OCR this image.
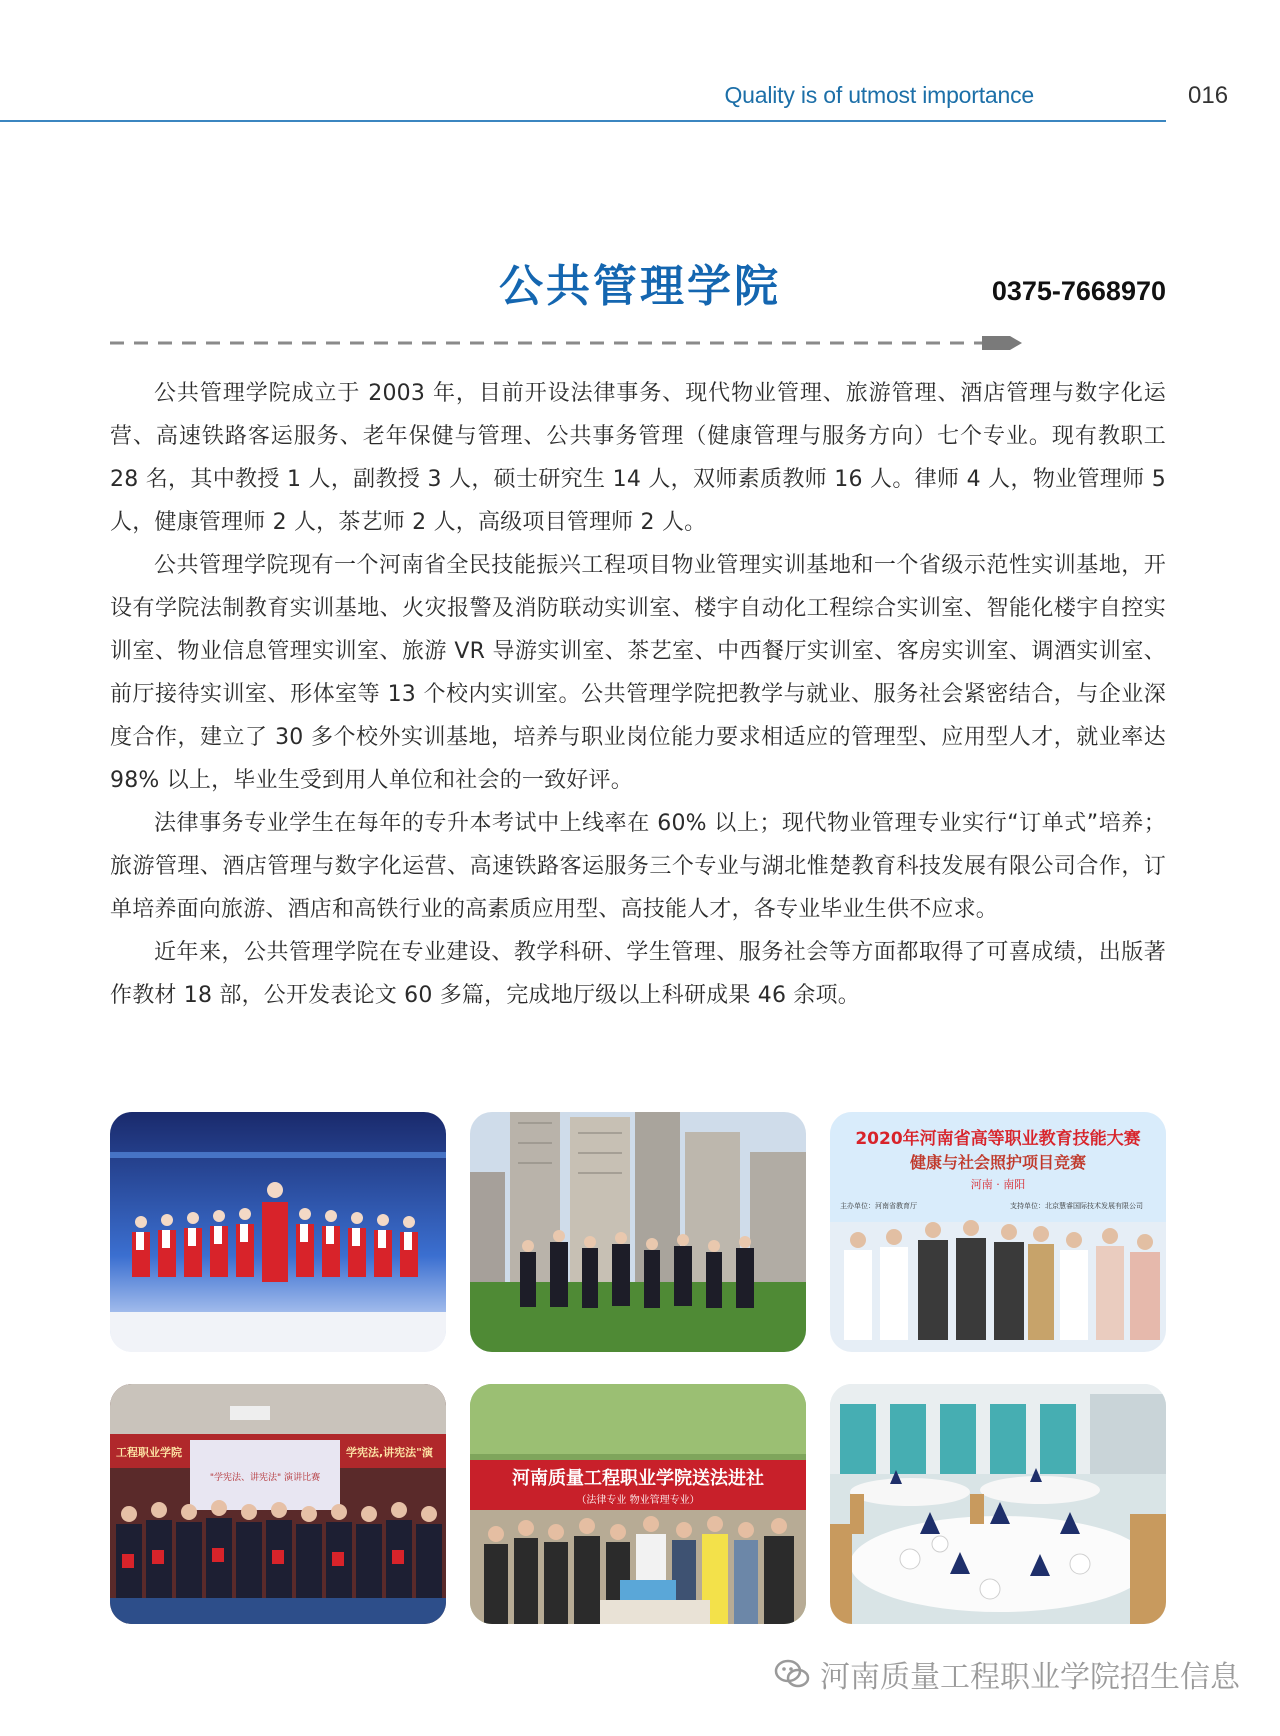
Quality is of utmost importance	016
公共管理学院	0375-7668970

公共管理学院成立于 2003 年，目前开设法律事务、现代物业管理、旅游管理、酒店管理与数字化运营、高速铁路客运服务、老年保健与管理、公共事务管理（健康管理与服务方向）七个专业。现有教职工 28 名，其中教授 1 人，副教授 3 人，硕士研究生 14 人，双师素质教师 16 人。律师 4 人，物业管理师 5 人，健康管理师 2 人，茶艺师 2 人，高级项目管理师 2 人。

公共管理学院现有一个河南省全民技能振兴工程项目物业管理实训基地和一个省级示范性实训基地，开设有学院法制教育实训基地、火灾报警及消防联动实训室、楼宇自动化工程综合实训室、智能化楼宇自控实训室、物业信息管理实训室、旅游 VR 导游实训室、茶艺室、中西餐厅实训室、客房实训室、调酒实训室、前厅接待实训室、形体室等 13 个校内实训室。公共管理学院把教学与就业、服务社会紧密结合，与企业深度合作，建立了 30 多个校外实训基地，培养与职业岗位能力要求相适应的管理型、应用型人才，就业率达 98% 以上，毕业生受到用人单位和社会的一致好评。

法律事务专业学生在每年的专升本考试中上线率在 60% 以上；现代物业管理专业实行“订单式”培养；旅游管理、酒店管理与数字化运营、高速铁路客运服务三个专业与湖北惟楚教育科技发展有限公司合作，订单培养面向旅游、酒店和高铁行业的高素质应用型、高技能人才，各专业毕业生供不应求。

近年来，公共管理学院在专业建设、教学科研、学生管理、服务社会等方面都取得了可喜成绩，出版著作教材 18 部，公开发表论文 60 多篇，完成地厅级以上科研成果 46 余项。

2020年河南省高等职业教育技能大赛
健康与社会照护项目竞赛
河南 · 南阳
主办单位：河南省教育厅	支持单位：北京慧睿国际技术发展有限公司
工程职业学院	学宪法,讲宪法"演
"学宪法、讲宪法" 演讲比赛	河南质量工程职业学院送法进社
（法律专业 物业管理专业）
河南质量工程职业学院招生信息
